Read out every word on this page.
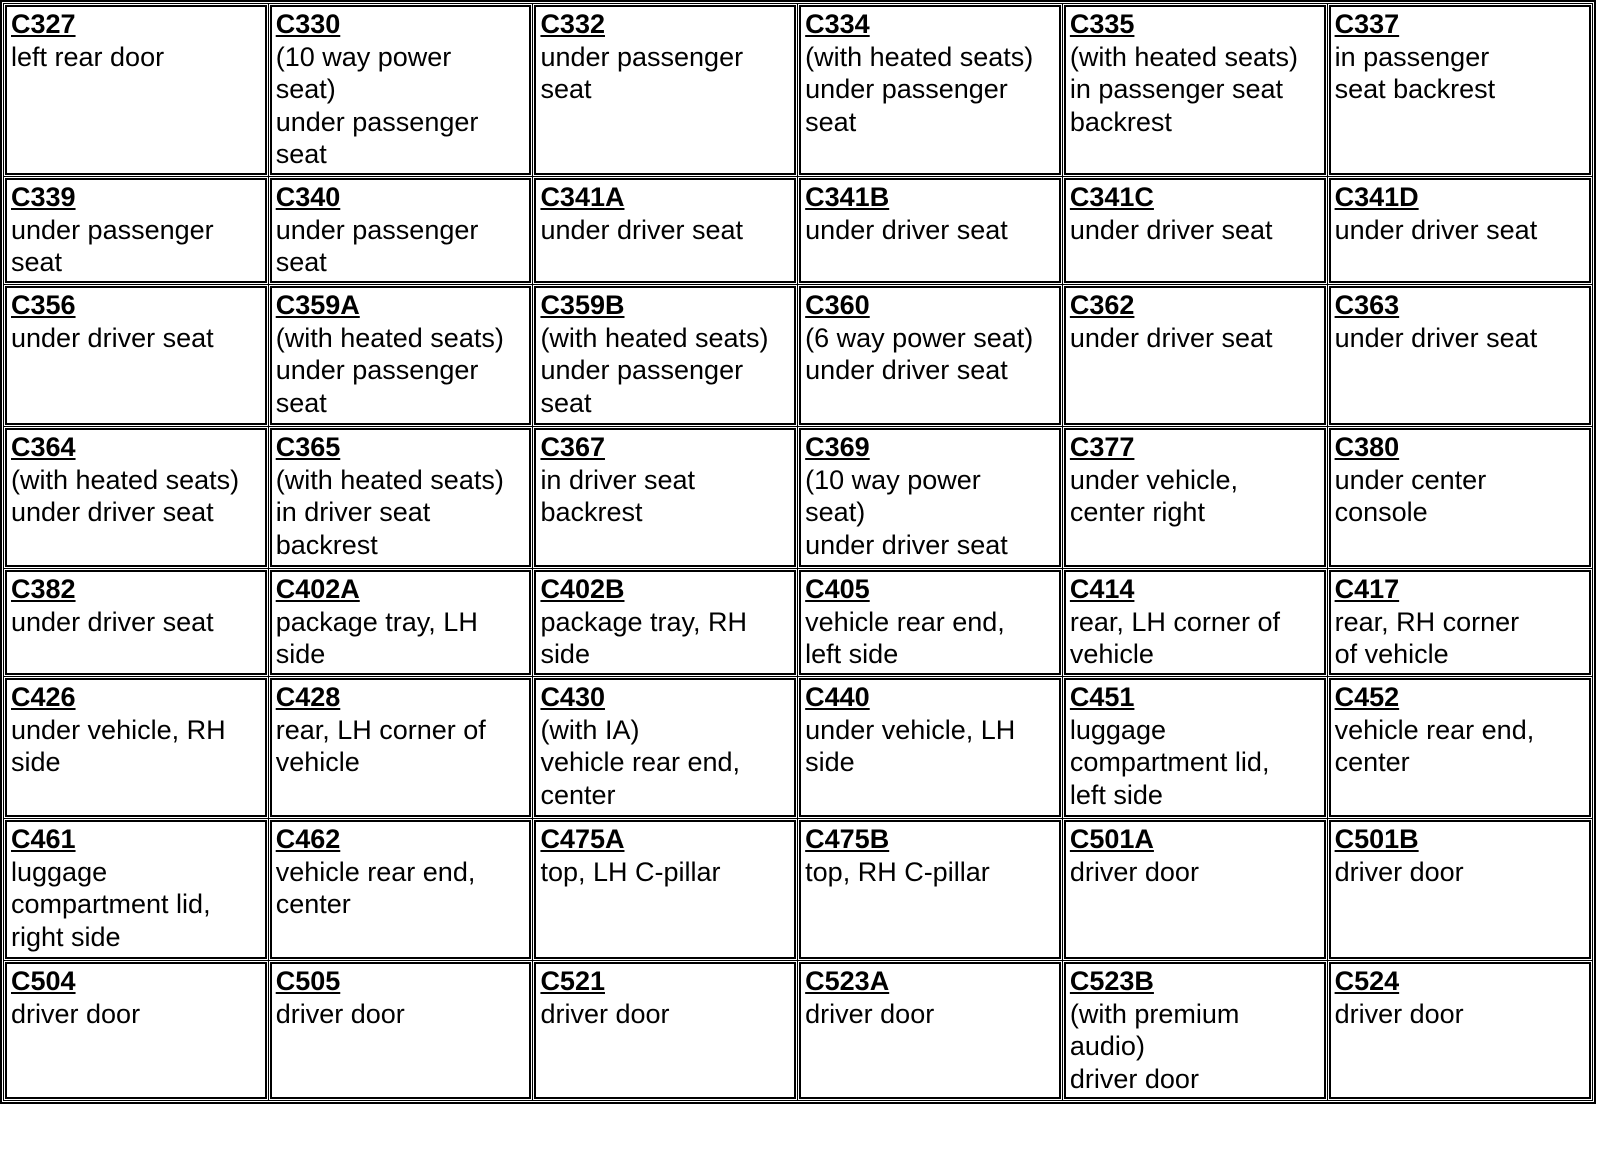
C327
left rear door	C330
(10 way power
seat)
under passenger
seat	C332
under passenger
seat	C334
(with heated seats)
under passenger
seat	C335
(with heated seats)
in passenger seat
backrest	C337
in passenger
seat backrest

C339
under passenger
seat	C340
under passenger
seat	C341A
under driver seat	C341B
under driver seat	C341C
under driver seat	C341D
under driver seat

C356
under driver seat	C359A
(with heated seats)
under passenger
seat	C359B
(with heated seats)
under passenger
seat	C360
(6 way power seat)
under driver seat	C362
under driver seat	C363
under driver seat

C364
(with heated seats)
under driver seat	C365
(with heated seats)
in driver seat
backrest	C367
in driver seat
backrest	C369
(10 way power
seat)
under driver seat	C377
under vehicle,
center right	C380
under center
console

C382
under driver seat	C402A
package tray, LH
side	C402B
package tray, RH
side	C405
vehicle rear end,
left side	C414
rear, LH corner of
vehicle	C417
rear, RH corner
of vehicle

C426
under vehicle, RH
side	C428
rear, LH corner of
vehicle	C430
(with IA)
vehicle rear end,
center	C440
under vehicle, LH
side	C451
luggage
compartment lid,
left side	C452
vehicle rear end,
center

C461
luggage
compartment lid,
right side	C462
vehicle rear end,
center	C475A
top, LH C-pillar	C475B
top, RH C-pillar	C501A
driver door	C501B
driver door

C504
driver door	C505
driver door	C521
driver door	C523A
driver door	C523B
(with premium
audio)
driver door	C524
driver door
